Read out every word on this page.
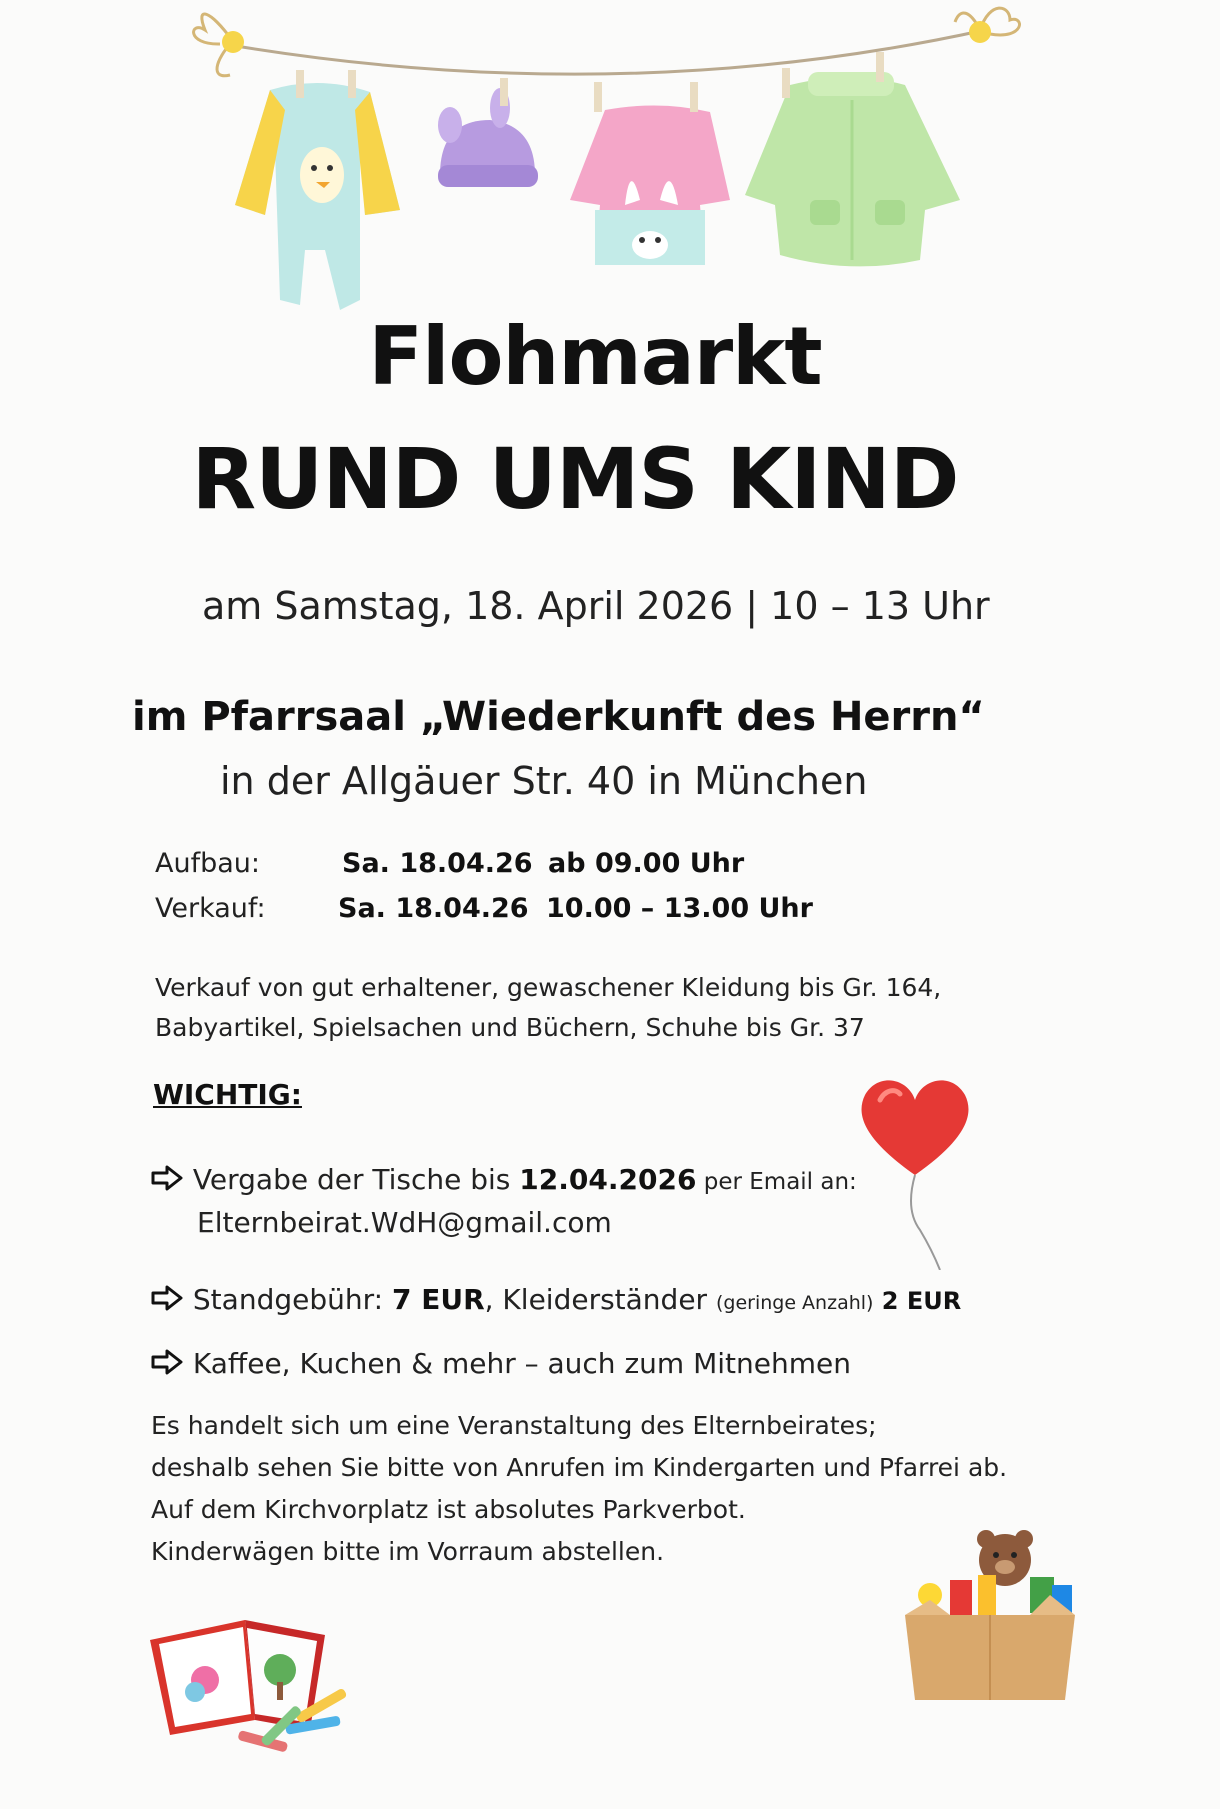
Flohmarkt
RUND UMS KIND
am Samstag, 18. April 2026 | 10 – 13 Uhr
im Pfarrsaal „Wiederkunft des Herrn“
in der Allgäuer Str. 40 in München
Aufbau:	Sa. 18.04.26 ab 09.00 Uhr
Verkauf:	Sa. 18.04.26 10.00 – 13.00 Uhr
Verkauf von gut erhaltener, gewaschener Kleidung bis Gr. 164,
Babyartikel, Spielsachen und Büchern, Schuhe bis Gr. 37
WICHTIG:
Vergabe der Tische bis 12.04.2026 per Email an:
Elternbeirat.WdH@gmail.com
Standgebühr: 7 EUR, Kleiderständer (geringe Anzahl) 2 EUR
Kaffee, Kuchen & mehr – auch zum Mitnehmen
Es handelt sich um eine Veranstaltung des Elternbeirates;
deshalb sehen Sie bitte von Anrufen im Kindergarten und Pfarrei ab.
Auf dem Kirchvorplatz ist absolutes Parkverbot.
Kinderwägen bitte im Vorraum abstellen.
